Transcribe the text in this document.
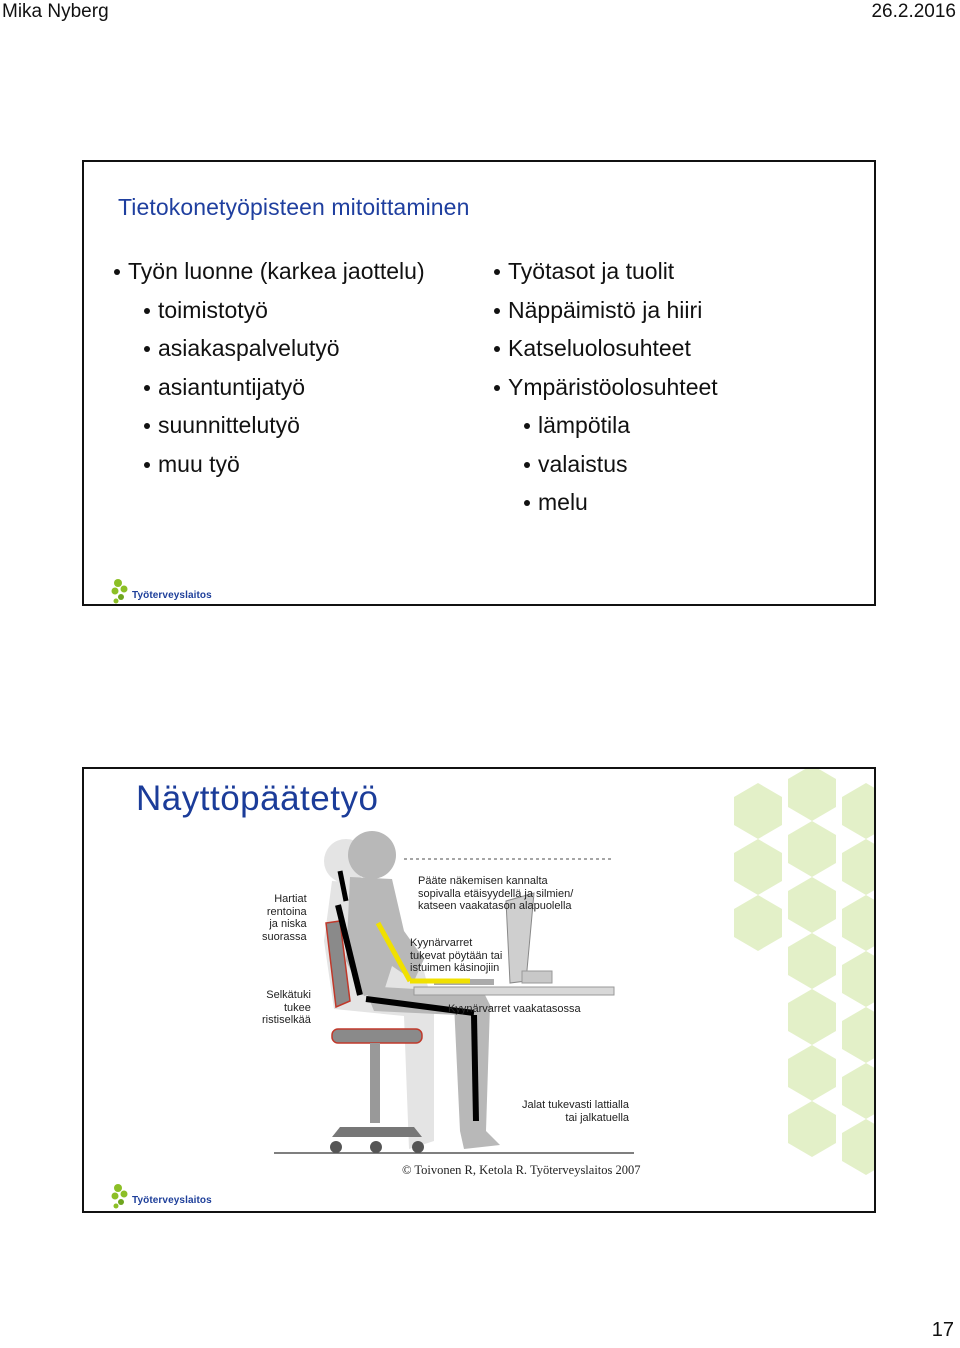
Mika Nyberg	26.2.2016
Tietokonetyöpisteen mitoittaminen
Työn luonne (karkea jaottelu)
toimistotyö
asiakaspalvelutyö
asiantuntijatyö
suunnittelutyö
muu työ
Työtasot ja tuolit
Näppäimistö ja hiiri
Katseluolosuhteet
Ympäristöolosuhteet
lämpötila
valaistus
melu
Työterveyslaitos
Näyttöpäätetyö
Hartiat
rentoina
ja niska
suorassa
Selkätuki
tukee
ristiselkää
Pääte näkemisen kannalta
sopivalla etäisyydellä ja silmien/
katseen vaakatason alapuolella
Kyynärvarret
tukevat pöytään tai
istuimen käsinojiin
Kyynärvarret vaakatasossa
Jalat tukevasti lattialla
tai jalkatuella
© Toivonen R, Ketola R. Työterveyslaitos 2007
Työterveyslaitos
17
